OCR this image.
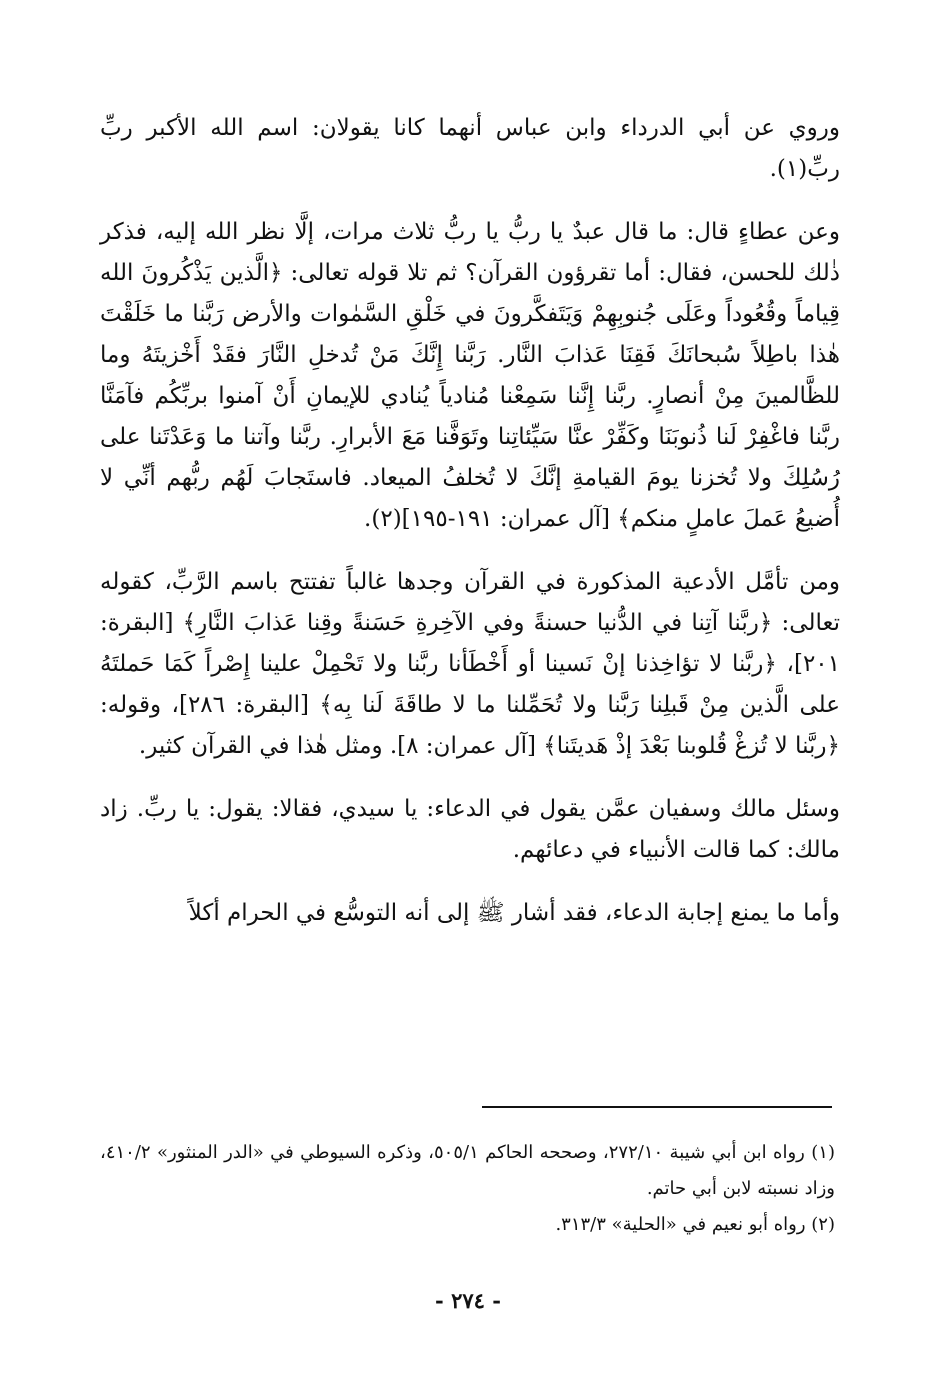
وروي عن أبي الدرداء وابن عباس أنهما كانا يقولان: اسم الله الأكبر ربِّ ربِّ(١).

وعن عطاءٍ قال: ما قال عبدٌ يا ربُّ يا ربُّ ثلاث مرات، إلَّا نظر الله إليه، فذكر ذٰلك للحسن، فقال: أما تقرؤون القرآن؟ ثم تلا قوله تعالى: ﴿الَّذين يَذْكُرونَ الله قِياماً وقُعُوداً وعَلَى جُنوبِهِمْ وَيَتَفكَّرونَ في خَلْقِ السَّمٰوات والأرض رَبَّنا ما خَلَقْتَ هٰذا باطِلاً سُبحانَكَ فَقِنَا عَذابَ النَّار. رَبَّنا إِنَّكَ مَنْ تُدخلِ النَّارَ فقَدْ أَخْزيتَهُ وما للظَّالمينَ مِنْ أنصارٍ. ربَّنا إِنَّنا سَمِعْنا مُنادياً يُنادي للإيمانِ أَنْ آمنوا بربِّكُم فآمَنَّا ربَّنا فاغْفِرْ لَنا ذُنوبَنَا وكَفِّرْ عنَّا سَيِّئاتِنا وتَوَفَّنا مَعَ الأبرارِ. ربَّنا وآتنا ما وَعَدْتَنا على رُسُلِكَ ولا تُخزنا يومَ القيامةِ إنَّكَ لا تُخلفُ الميعاد. فاستَجابَ لَهُم ربُّهم أنِّي لا أُضيعُ عَملَ عاملٍ منكم﴾ [آل عمران: ١٩١-١٩٥](٢).

ومن تأمَّل الأدعية المذكورة في القرآن وجدها غالباً تفتتح باسم الرَّبِّ، كقوله تعالى: ﴿ربَّنا آتِنا في الدُّنيا حسنةً وفي الآخِرةِ حَسَنةً وقِنا عَذابَ النَّارِ﴾ [البقرة: ٢٠١]، ﴿ربَّنا لا تؤاخِذنا إنْ نَسينا أو أَخْطَأنا ربَّنا ولا تَحْمِلْ علينا إِصْراً كَمَا حَملتَهُ على الَّذين مِنْ قَبلِنا رَبَّنا ولا تُحَمِّلنا ما لا طاقَةَ لَنا بِه﴾ [البقرة: ٢٨٦]، وقوله: ﴿ربَّنا لا تُزغْ قُلوبنا بَعْدَ إذْ هَديتَنا﴾ [آل عمران: ٨]. ومثل هٰذا في القرآن كثير.

وسئل مالك وسفيان عمَّن يقول في الدعاء: يا سيدي، فقالا: يقول: يا ربِّ. زاد مالك: كما قالت الأنبياء في دعائهم.

وأما ما يمنع إجابة الدعاء، فقد أشار ﷺ إلى أنه التوسُّع في الحرام أكلاً

(١) رواه ابن أبي شيبة ٢٧٢/١٠، وصححه الحاكم ٥٠٥/١، وذكره السيوطي في «الدر المنثور» ٤١٠/٢، وزاد نسبته لابن أبي حاتم.

(٢) رواه أبو نعيم في «الحلية» ٣١٣/٣.

- ٢٧٤ -
